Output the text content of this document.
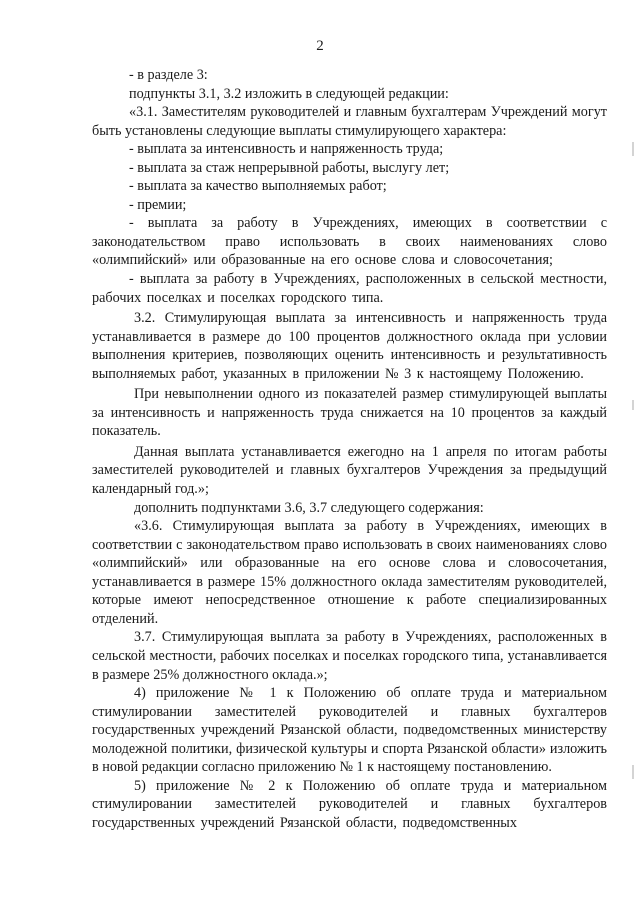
2

- в разделе 3:

подпункты 3.1, 3.2 изложить в следующей редакции:

«3.1. Заместителям руководителей и главным бухгалтерам Учреждений могут быть установлены следующие выплаты стимулирующего характера:

- выплата за интенсивность и напряженность труда;

- выплата за стаж непрерывной работы, выслугу лет;

- выплата за качество выполняемых работ;

- премии;

- выплата за работу в Учреждениях, имеющих в соответствии с законодательством право использовать в своих наименованиях слово «олимпийский» или образованные на его основе слова и словосочетания;

- выплата за работу в Учреждениях, расположенных в сельской местности, рабочих поселках и поселках городского типа.

3.2. Стимулирующая выплата за интенсивность и напряженность труда устанавливается в размере до 100 процентов должностного оклада при условии выполнения критериев, позволяющих оценить интенсивность и результативность выполняемых работ, указанных в приложении № 3 к настоящему Положению.

При невыполнении одного из показателей размер стимулирующей выплаты за интенсивность и напряженность труда снижается на 10 процентов за каждый показатель.

Данная выплата устанавливается ежегодно на 1 апреля по итогам работы заместителей руководителей и главных бухгалтеров Учреждения за предыдущий календарный год.»;

дополнить подпунктами 3.6, 3.7 следующего содержания:

«3.6. Стимулирующая выплата за работу в Учреждениях, имеющих в соответствии с законодательством право использовать в своих наименованиях слово «олимпийский» или образованные на его основе слова и словосочетания, устанавливается в размере 15% должностного оклада заместителям руководителей, которые имеют непосредственное отношение к работе специализированных отделений.

3.7. Стимулирующая выплата за работу в Учреждениях, расположенных в сельской местности, рабочих поселках и поселках городского типа, устанавливается в размере 25% должностного оклада.»;

4) приложение № 1 к Положению об оплате труда и материальном стимулировании заместителей руководителей и главных бухгалтеров государственных учреждений Рязанской области, подведомственных министерству молодежной политики, физической культуры и спорта Рязанской области» изложить в новой редакции согласно приложению № 1 к настоящему постановлению.

5) приложение № 2 к Положению об оплате труда и материальном стимулировании заместителей руководителей и главных бухгалтеров государственных учреждений Рязанской области, подведомственных
